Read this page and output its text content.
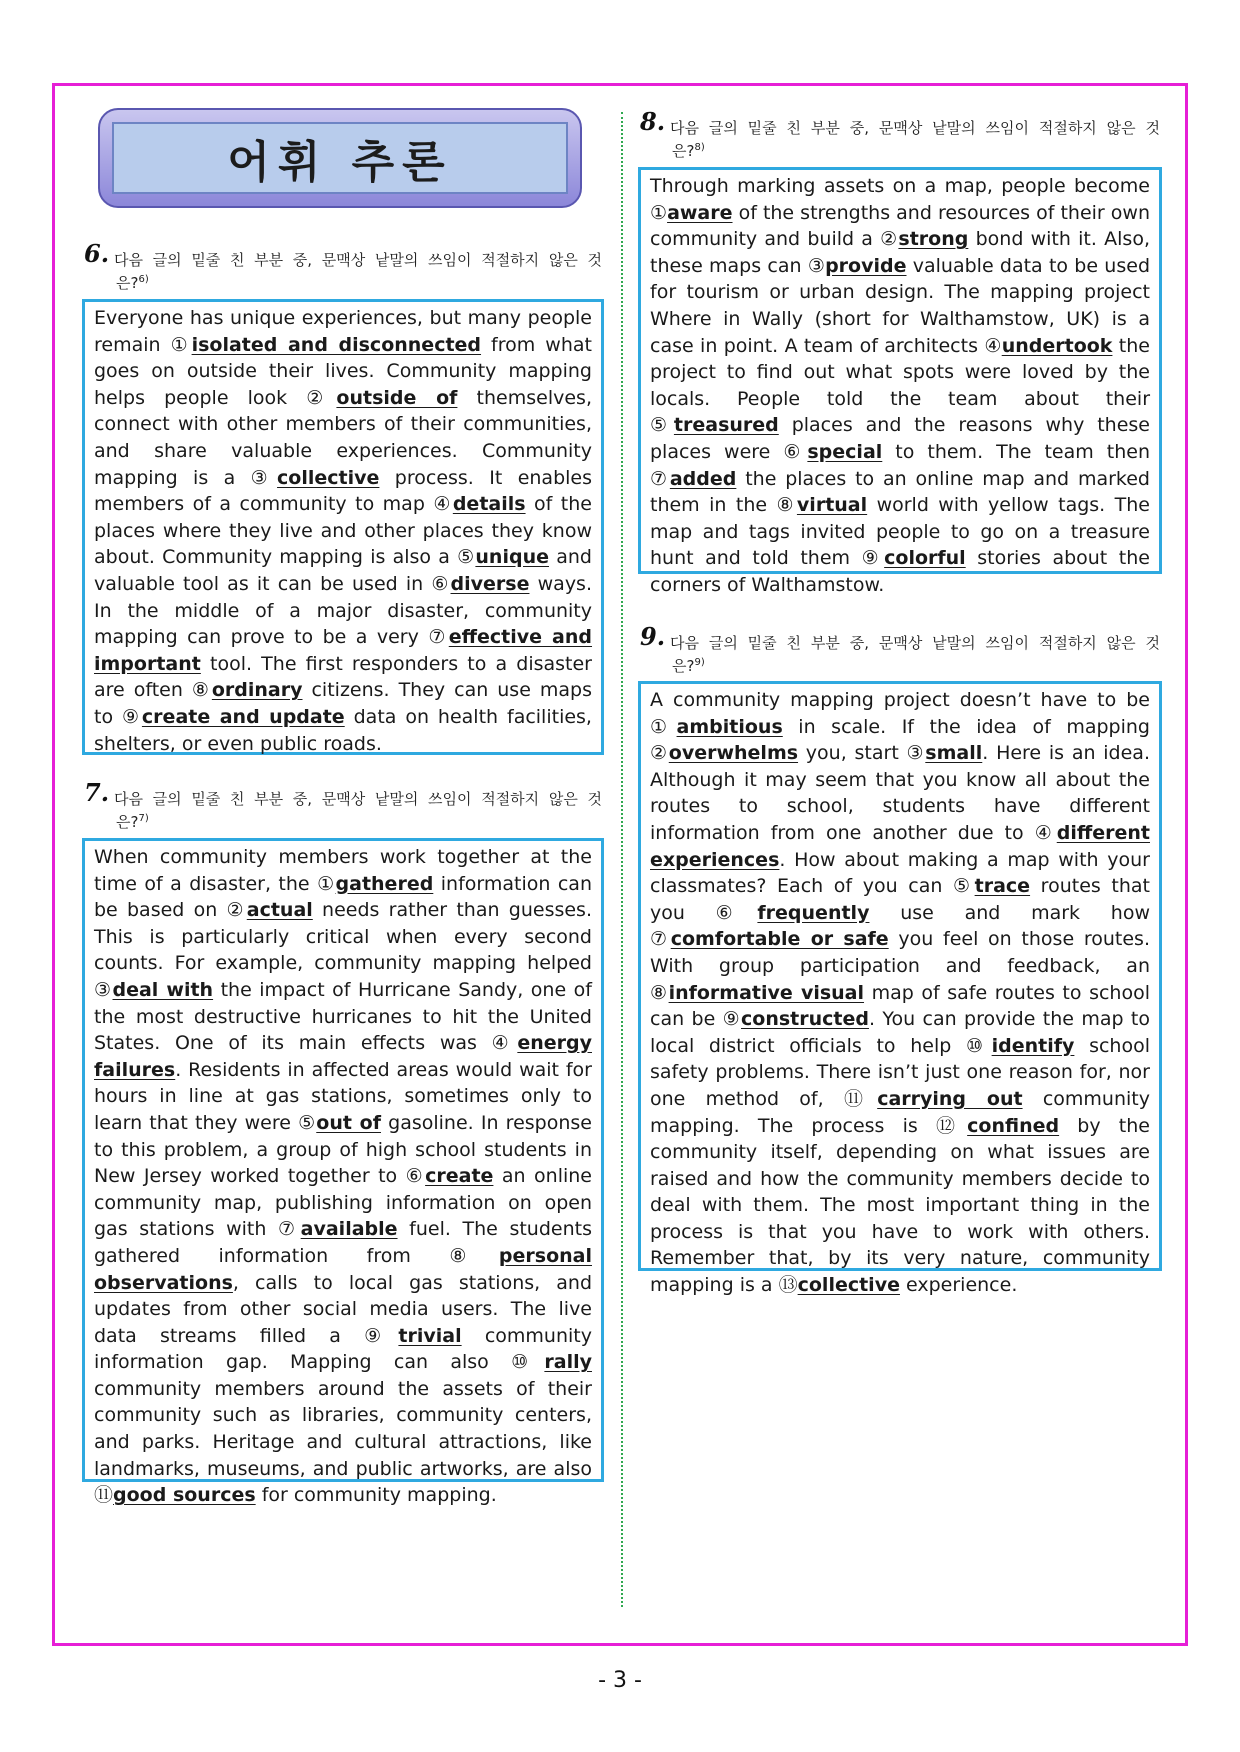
어휘 추론
6. 다음 글의 밑줄 친 부분 중, 문맥상 낱말의 쓰임이 적절하지 않은 것
은?$^{6)}$
Everyone has unique experiences, but many people remain ①isolated and disconnected from what goes on outside their lives. Community mapping helps people look ②outside of themselves, connect with other members of their communities, and share valuable experiences. Community mapping is a ③collective process. It enables members of a community to map ④details of the places where they live and other places they know about. Community mapping is also a ⑤unique and valuable tool as it can be used in ⑥diverse ways. In the middle of a major disaster, community mapping can prove to be a very ⑦effective and important tool. The first responders to a disaster are often ⑧ordinary citizens. They can use maps to ⑨create and update data on health facilities, shelters, or even public roads.
7. 다음 글의 밑줄 친 부분 중, 문맥상 낱말의 쓰임이 적절하지 않은 것
은?$^{7)}$
When community members work together at the time of a disaster, the ①gathered information can be based on ②actual needs rather than guesses. This is particularly critical when every second counts. For example, community mapping helped ③deal with the impact of Hurricane Sandy, one of the most destructive hurricanes to hit the United States. One of its main effects was ④energy failures. Residents in affected areas would wait for hours in line at gas stations, sometimes only to learn that they were ⑤out of gasoline. In response to this problem, a group of high school students in New Jersey worked together to ⑥create an online community map, publishing information on open gas stations with ⑦available fuel. The students gathered information from ⑧personal observations, calls to local gas stations, and updates from other social media users. The live data streams filled a ⑨trivial community information gap. Mapping can also ⑩rally community members around the assets of their community such as libraries, community centers, and parks. Heritage and cultural attractions, like landmarks, museums, and public artworks, are also ⑪good sources for community mapping.
8. 다음 글의 밑줄 친 부분 중, 문맥상 낱말의 쓰임이 적절하지 않은 것
은?$^{8)}$
Through marking assets on a map, people become ①aware of the strengths and resources of their own community and build a ②strong bond with it. Also, these maps can ③provide valuable data to be used for tourism or urban design. The mapping project Where in Wally (short for Walthamstow, UK) is a case in point. A team of architects ④undertook the project to find out what spots were loved by the locals. People told the team about their ⑤treasured places and the reasons why these places were ⑥special to them. The team then ⑦added the places to an online map and marked them in the ⑧virtual world with yellow tags. The map and tags invited people to go on a treasure hunt and told them ⑨colorful stories about the corners of Walthamstow.
9. 다음 글의 밑줄 친 부분 중, 문맥상 낱말의 쓰임이 적절하지 않은 것
은?$^{9)}$
A community mapping project doesn’t have to be ①ambitious in scale. If the idea of mapping ②overwhelms you, start ③small. Here is an idea. Although it may seem that you know all about the routes to school, students have different information from one another due to ④different experiences. How about making a map with your classmates? Each of you can ⑤trace routes that you ⑥frequently use and mark how ⑦comfortable or safe you feel on those routes. With group participation and feedback, an ⑧informative visual map of safe routes to school can be ⑨constructed. You can provide the map to local district officials to help ⑩identify school safety problems. There isn’t just one reason for, nor one method of, ⑪carrying out community mapping. The process is ⑫confined by the community itself, depending on what issues are raised and how the community members decide to deal with them. The most important thing in the process is that you have to work with others. Remember that, by its very nature, community mapping is a ⑬collective experience.
- 3 -
